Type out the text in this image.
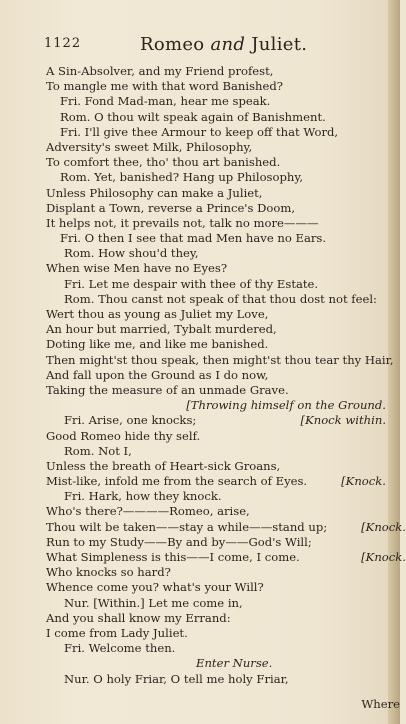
1122	Romeo and Juliet.
A Sin-Absolver, and my Friend profest,
To mangle me with that word Banished?
Fri. Fond Mad-man, hear me speak.
Rom. O thou wilt speak again of Banishment.
Fri. I'll give thee Armour to keep off that Word,
Adversity's sweet Milk, Philosophy,
To comfort thee, tho' thou art banished.
Rom. Yet, banished? Hang up Philosophy,
Unless Philosophy can make a Juliet,
Displant a Town, reverse a Prince's Doom,
It helps not, it prevails not, talk no more———
Fri. O then I see that mad Men have no Ears.
Rom. How shou'd they,
When wise Men have no Eyes?
Fri. Let me despair with thee of thy Estate.
Rom. Thou canst not speak of that thou dost not feel:
Wert thou as young as Juliet my Love,
An hour but married, Tybalt murdered,
Doting like me, and like me banished.
Then might'st thou speak, then might'st thou tear thy Hair,
And fall upon the Ground as I do now,
Taking the measure of an unmade Grave.
[Throwing himself on the Ground.
Fri. Arise, one knocks;	[Knock within.
Good Romeo hide thy self.
Rom. Not I,
Unless the breath of Heart-sick Groans,
Mist-like, infold me from the search of Eyes.	[Knock.
Fri. Hark, how they knock.
Who's there?————Romeo, arise,
Thou wilt be taken——stay a while——stand up;	[Knock.
Run to my Study——By and by——God's Will;
What Simpleness is this——I come, I come.	[Knock.
Who knocks so hard?
Whence come you? what's your Will?
Nur. [Within.] Let me come in,
And you shall know my Errand:
I come from Lady Juliet.
Fri. Welcome then.
Enter Nurse.
Nur. O holy Friar, O tell me holy Friar,
Where
